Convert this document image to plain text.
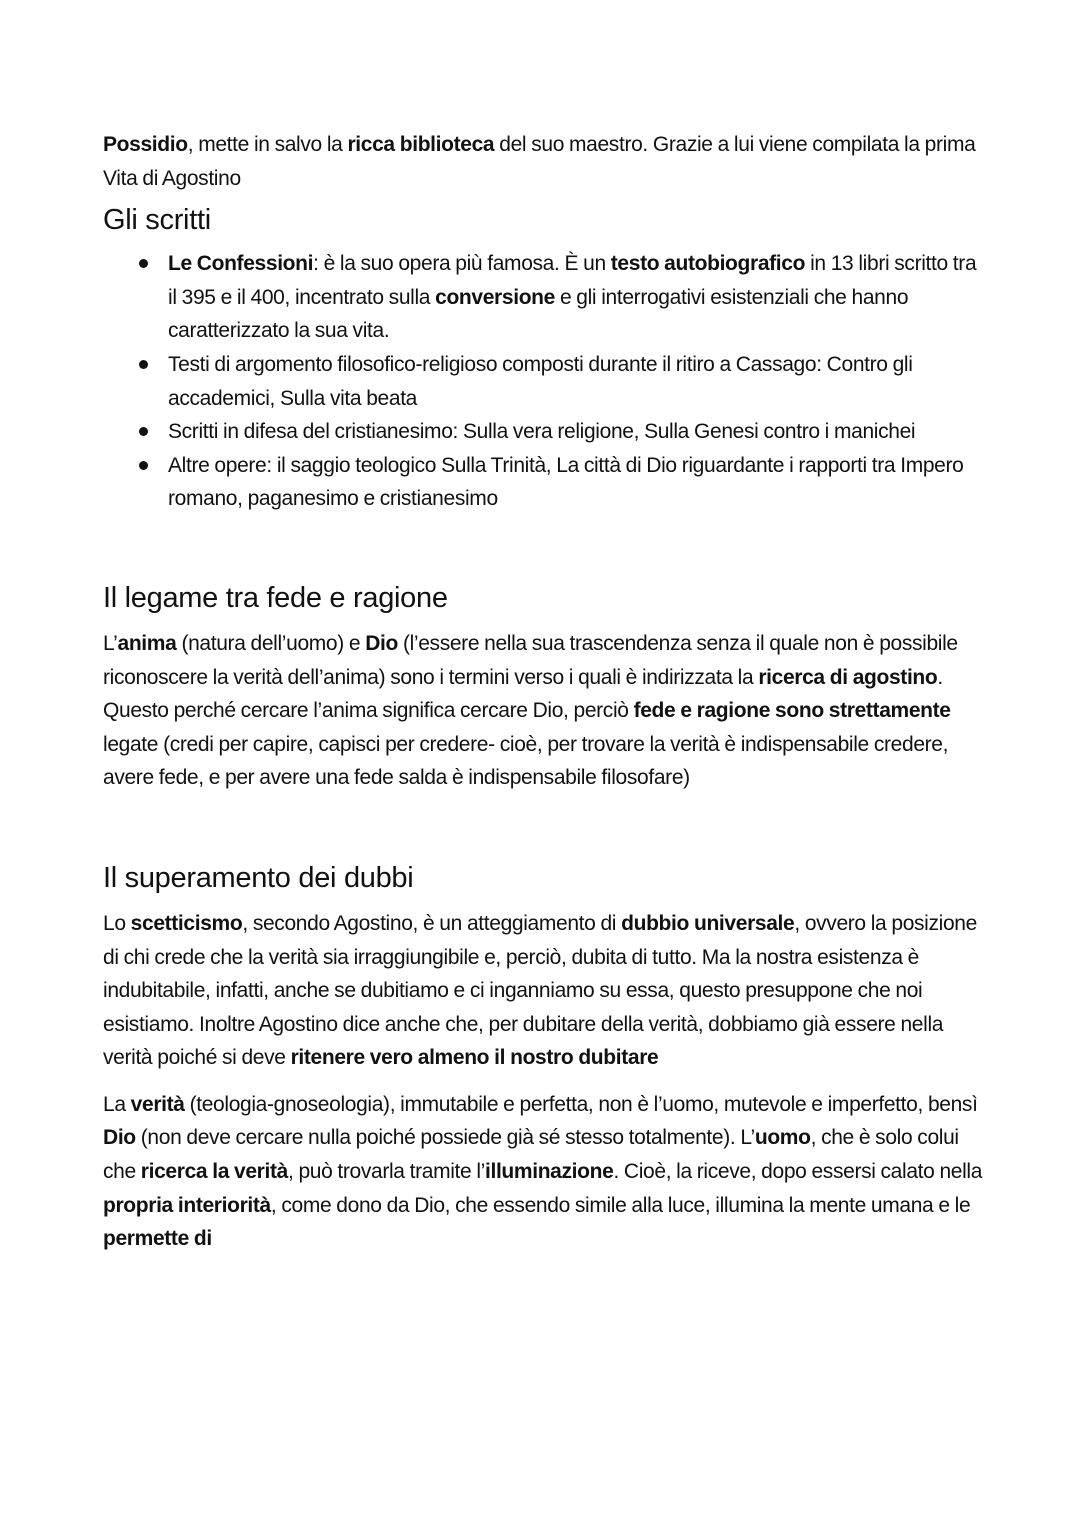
Possidio, mette in salvo la ricca biblioteca del suo maestro. Grazie a lui viene compilata la prima Vita di Agostino

Gli scritti
Le Confessioni: è la suo opera più famosa. È un testo autobiografico in 13 libri scritto tra il 395 e il 400, incentrato sulla conversione e gli interrogativi esistenziali che hanno caratterizzato la sua vita.
Testi di argomento filosofico-religioso composti durante il ritiro a Cassago: Contro gli accademici, Sulla vita beata
Scritti in difesa del cristianesimo: Sulla vera religione, Sulla Genesi contro i manichei
Altre opere: il saggio teologico Sulla Trinità, La città di Dio riguardante i rapporti tra Impero romano, paganesimo e cristianesimo
Il legame tra fede e ragione

L’anima (natura dell’uomo) e Dio (l’essere nella sua trascendenza senza il quale non è possibile riconoscere la verità dell’anima) sono i termini verso i quali è indirizzata la ricerca di agostino. Questo perché cercare l’anima significa cercare Dio, perciò fede e ragione sono strettamente legate (credi per capire, capisci per credere- cioè, per trovare la verità è indispensabile credere, avere fede, e per avere una fede salda è indispensabile filosofare)

Il superamento dei dubbi

Lo scetticismo, secondo Agostino, è un atteggiamento di dubbio universale, ovvero la posizione di chi crede che la verità sia irraggiungibile e, perciò, dubita di tutto. Ma la nostra esistenza è indubitabile, infatti, anche se dubitiamo e ci inganniamo su essa, questo presuppone che noi esistiamo. Inoltre Agostino dice anche che, per dubitare della verità, dobbiamo già essere nella verità poiché si deve ritenere vero almeno il nostro dubitare

La verità (teologia-gnoseologia), immutabile e perfetta, non è l’uomo, mutevole e imperfetto, bensì Dio (non deve cercare nulla poiché possiede già sé stesso totalmente). L’uomo, che è solo colui che ricerca la verità, può trovarla tramite l’illuminazione. Cioè, la riceve, dopo essersi calato nella propria interiorità, come dono da Dio, che essendo simile alla luce, illumina la mente umana e le permette di
